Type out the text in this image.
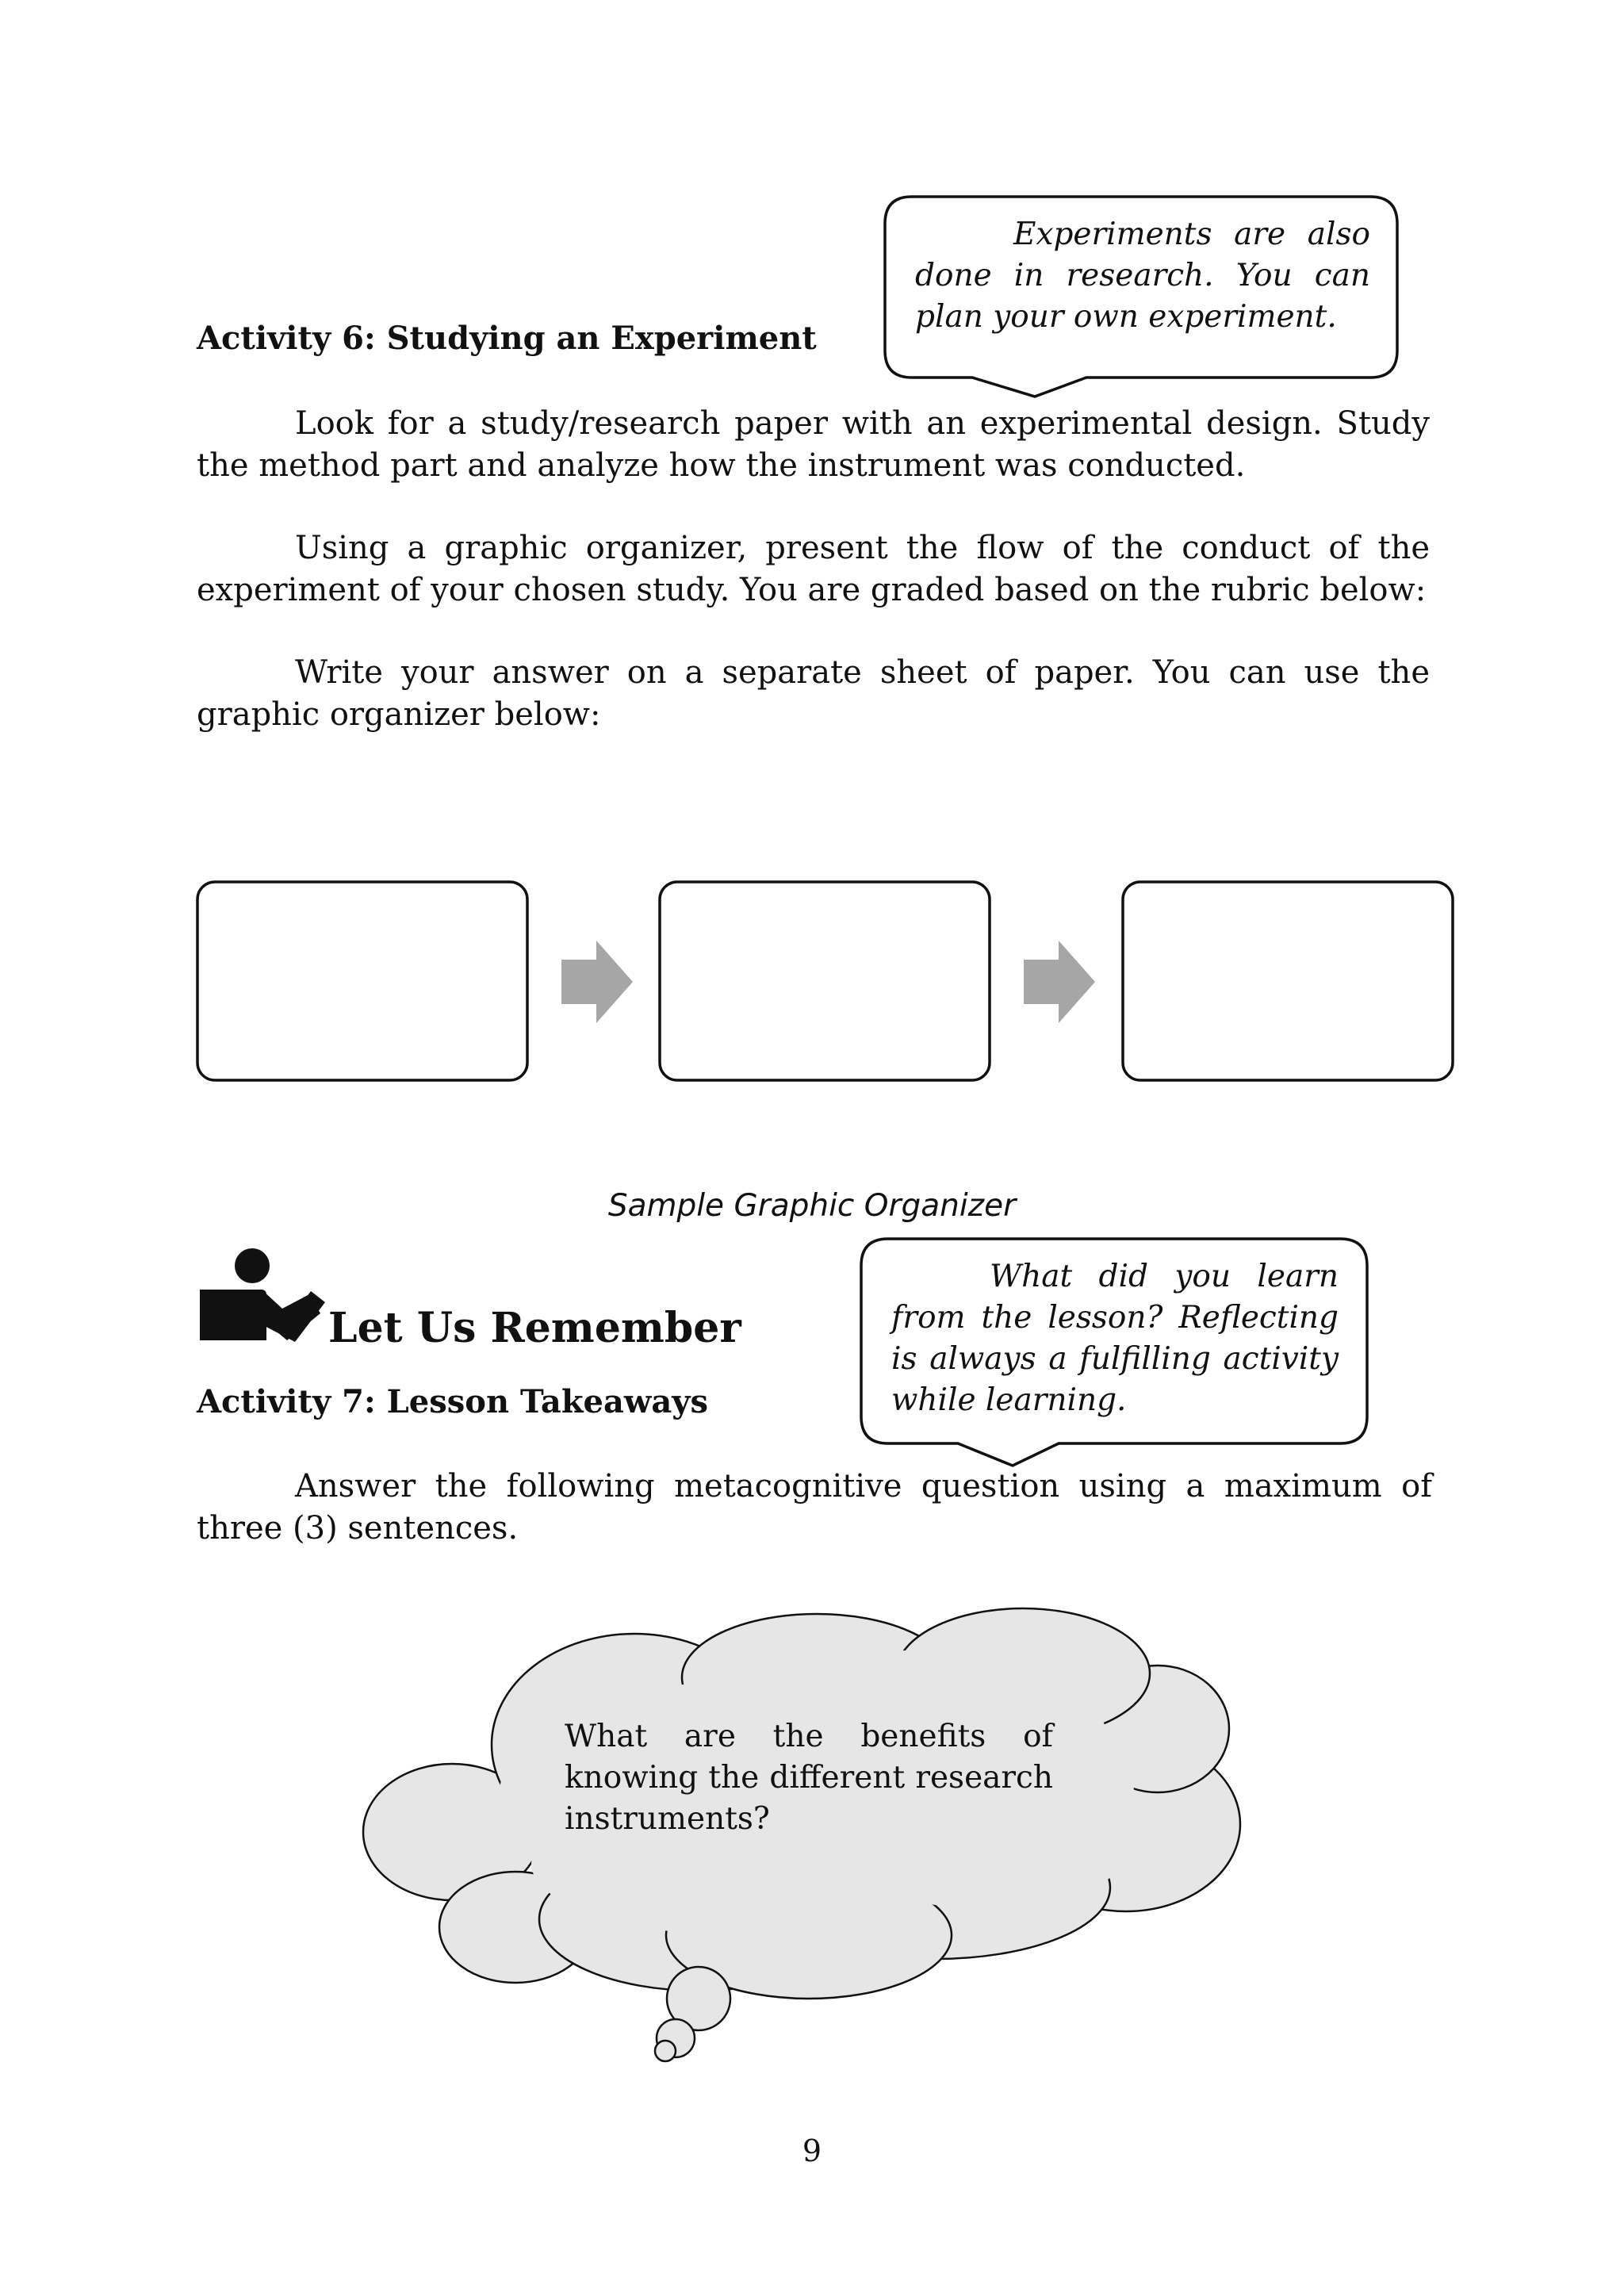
Experiments are also done in research. You can plan your own experiment.

Activity 6: Studying an Experiment

Look for a study/research paper with an experimental design. Study the method part and analyze how the instrument was conducted.

Using a graphic organizer, present the flow of the conduct of the experiment of your chosen study. You are graded based on the rubric below:

Write your answer on a separate sheet of paper. You can use the graphic organizer below:

Sample Graphic Organizer
Let Us Remember

What did you learn from the lesson? Reflecting is always a fulfilling activity while learning.

Activity 7: Lesson Takeaways

Answer the following metacognitive question using a maximum of three (3) sentences.

What are the benefits of knowing the different research instruments?

9
